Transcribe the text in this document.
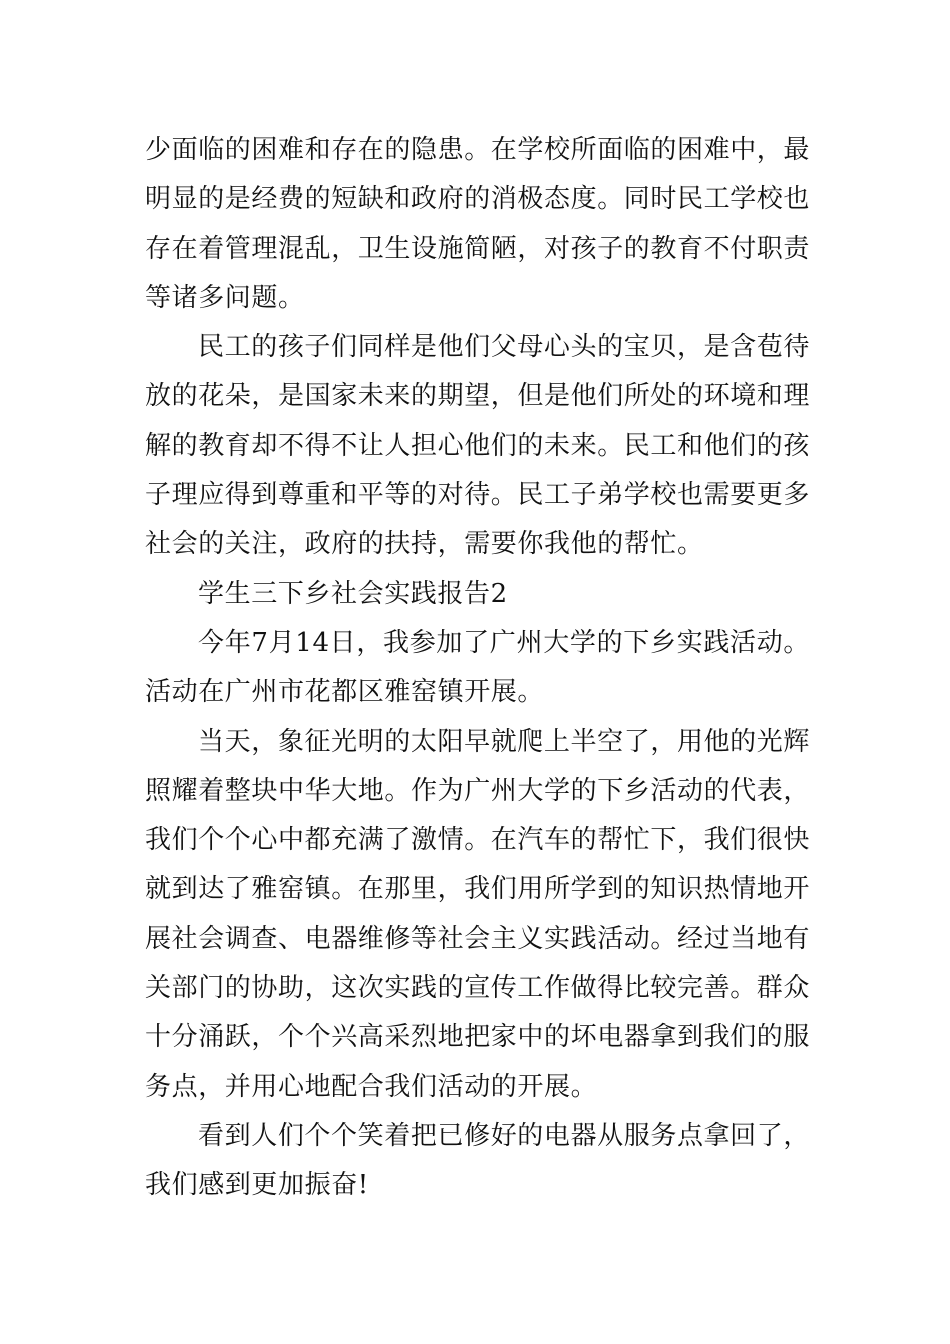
少面临的困难和存在的隐患。在学校所面临的困难中，最明显的是经费的短缺和政府的消极态度。同时民工学校也存在着管理混乱，卫生设施简陋，对孩子的教育不付职责等诸多问题。

民工的孩子们同样是他们父母心头的宝贝，是含苞待放的花朵，是国家未来的期望，但是他们所处的环境和理解的教育却不得不让人担心他们的未来。民工和他们的孩子理应得到尊重和平等的对待。民工子弟学校也需要更多社会的关注，政府的扶持，需要你我他的帮忙。

学生三下乡社会实践报告2

今年7月14日，我参加了广州大学的下乡实践活动。活动在广州市花都区雅窑镇开展。

当天，象征光明的太阳早就爬上半空了，用他的光辉照耀着整块中华大地。作为广州大学的下乡活动的代表，我们个个心中都充满了激情。在汽车的帮忙下，我们很快就到达了雅窑镇。在那里，我们用所学到的知识热情地开展社会调查、电器维修等社会主义实践活动。经过当地有关部门的协助，这次实践的宣传工作做得比较完善。群众十分涌跃，个个兴高采烈地把家中的坏电器拿到我们的服务点，并用心地配合我们活动的开展。

看到人们个个笑着把已修好的电器从服务点拿回了，我们感到更加振奋!
